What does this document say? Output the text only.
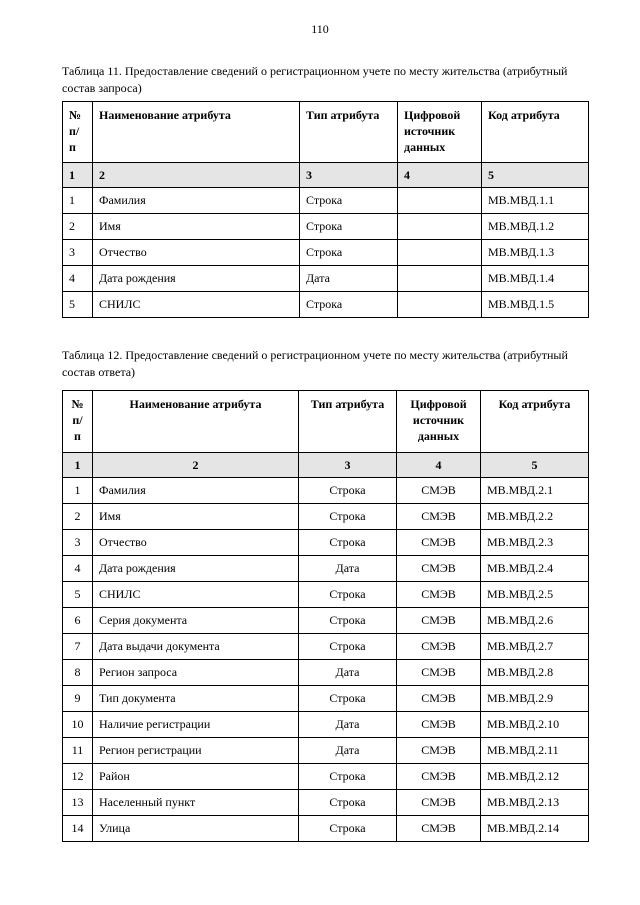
110
Таблица 11. Предоставление сведений о регистрационном учете по месту жительства (атрибутный состав запроса)
№ п/п	Наименование атрибута	Тип атрибута	Цифровой источник данных	Код атрибута
1	2	3	4	5
1	Фамилия	Строка		МВ.МВД.1.1
2	Имя	Строка		МВ.МВД.1.2
3	Отчество	Строка		МВ.МВД.1.3
4	Дата рождения	Дата		МВ.МВД.1.4
5	СНИЛС	Строка		МВ.МВД.1.5
Таблица 12. Предоставление сведений о регистрационном учете по месту жительства (атрибутный состав ответа)
№ п/п	Наименование атрибута	Тип атрибута	Цифровой источник данных	Код атрибута
1	2	3	4	5
1	Фамилия	Строка	СМЭВ	МВ.МВД.2.1
2	Имя	Строка	СМЭВ	МВ.МВД.2.2
3	Отчество	Строка	СМЭВ	МВ.МВД.2.3
4	Дата рождения	Дата	СМЭВ	МВ.МВД.2.4
5	СНИЛС	Строка	СМЭВ	МВ.МВД.2.5
6	Серия документа	Строка	СМЭВ	МВ.МВД.2.6
7	Дата выдачи документа	Строка	СМЭВ	МВ.МВД.2.7
8	Регион запроса	Дата	СМЭВ	МВ.МВД.2.8
9	Тип документа	Строка	СМЭВ	МВ.МВД.2.9
10	Наличие регистрации	Дата	СМЭВ	МВ.МВД.2.10
11	Регион регистрации	Дата	СМЭВ	МВ.МВД.2.11
12	Район	Строка	СМЭВ	МВ.МВД.2.12
13	Населенный пункт	Строка	СМЭВ	МВ.МВД.2.13
14	Улица	Строка	СМЭВ	МВ.МВД.2.14
